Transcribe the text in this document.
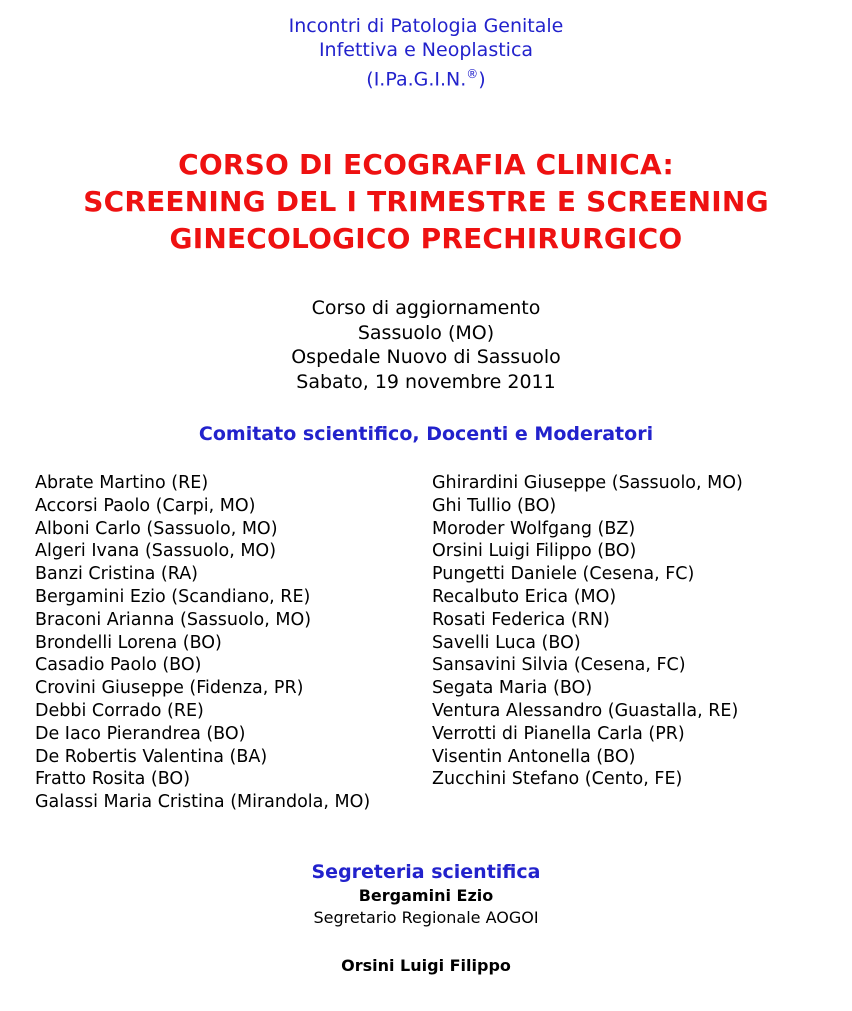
Incontri di Patologia Genitale
Infettiva e Neoplastica
(I.Pa.G.I.N.®)
CORSO DI ECOGRAFIA CLINICA:
SCREENING DEL I TRIMESTRE E SCREENING
GINECOLOGICO PRECHIRURGICO
Corso di aggiornamento
Sassuolo (MO)
Ospedale Nuovo di Sassuolo
Sabato, 19 novembre 2011
Comitato scientifico, Docenti e Moderatori
Abrate Martino (RE)
Accorsi Paolo (Carpi, MO)
Alboni Carlo (Sassuolo, MO)
Algeri Ivana (Sassuolo, MO)
Banzi Cristina (RA)
Bergamini Ezio (Scandiano, RE)
Braconi Arianna (Sassuolo, MO)
Brondelli Lorena (BO)
Casadio Paolo (BO)
Crovini Giuseppe (Fidenza, PR)
Debbi Corrado (RE)
De Iaco Pierandrea (BO)
De Robertis Valentina (BA)
Fratto Rosita (BO)
Galassi Maria Cristina (Mirandola, MO)
Ghirardini Giuseppe (Sassuolo, MO)
Ghi Tullio (BO)
Moroder Wolfgang (BZ)
Orsini Luigi Filippo (BO)
Pungetti Daniele (Cesena, FC)
Recalbuto Erica (MO)
Rosati Federica (RN)
Savelli Luca (BO)
Sansavini Silvia (Cesena, FC)
Segata Maria (BO)
Ventura Alessandro (Guastalla, RE)
Verrotti di Pianella Carla (PR)
Visentin Antonella (BO)
Zucchini Stefano (Cento, FE)
Segreteria scientifica
Bergamini Ezio
Segretario Regionale AOGOI
Orsini Luigi Filippo
